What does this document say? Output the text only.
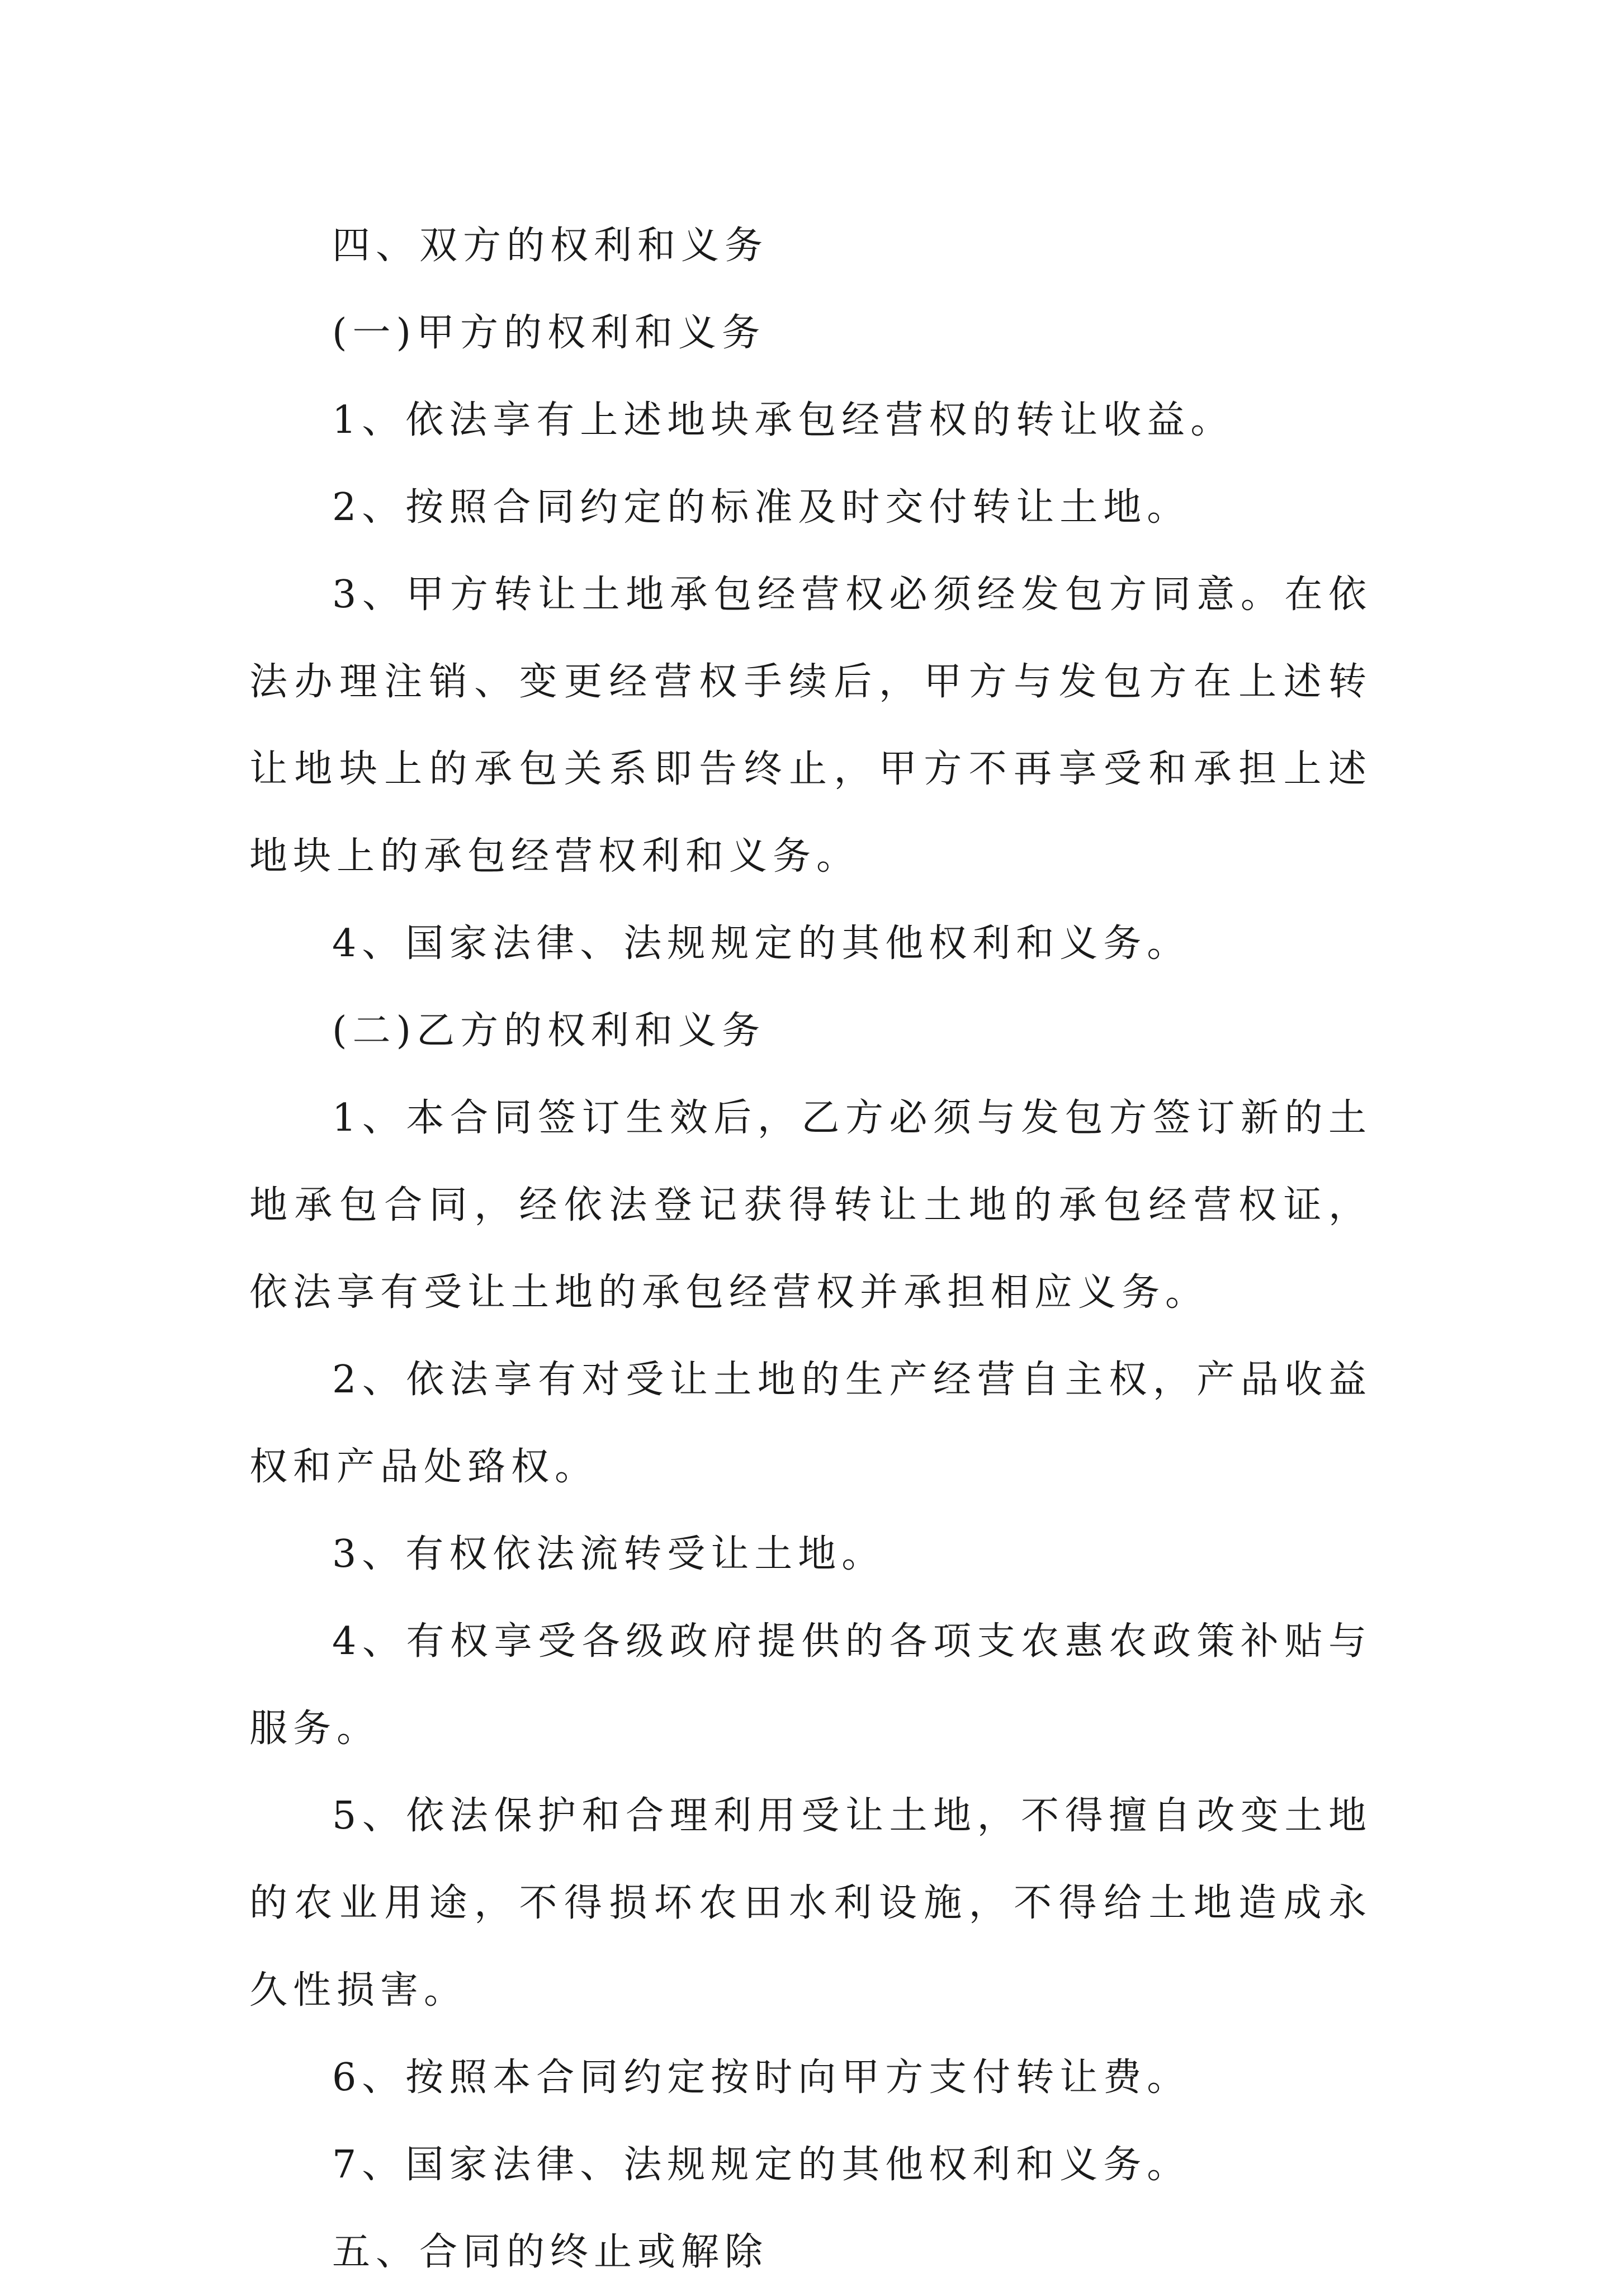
四、双方的权利和义务

(一)甲方的权利和义务

1、依法享有上述地块承包经营权的转让收益。

2、按照合同约定的标准及时交付转让土地。

3、甲方转让土地承包经营权必须经发包方同意。在依法办理注销、变更经营权手续后，甲方与发包方在上述转让地块上的承包关系即告终止，甲方不再享受和承担上述地块上的承包经营权利和义务。

4、国家法律、法规规定的其他权利和义务。

(二)乙方的权利和义务

1、本合同签订生效后，乙方必须与发包方签订新的土地承包合同，经依法登记获得转让土地的承包经营权证，依法享有受让土地的承包经营权并承担相应义务。

2、依法享有对受让土地的生产经营自主权，产品收益权和产品处臵权。

3、有权依法流转受让土地。

4、有权享受各级政府提供的各项支农惠农政策补贴与服务。

5、依法保护和合理利用受让土地，不得擅自改变土地的农业用途，不得损坏农田水利设施，不得给土地造成永久性损害。

6、按照本合同约定按时向甲方支付转让费。

7、国家法律、法规规定的其他权利和义务。

五、合同的终止或解除
